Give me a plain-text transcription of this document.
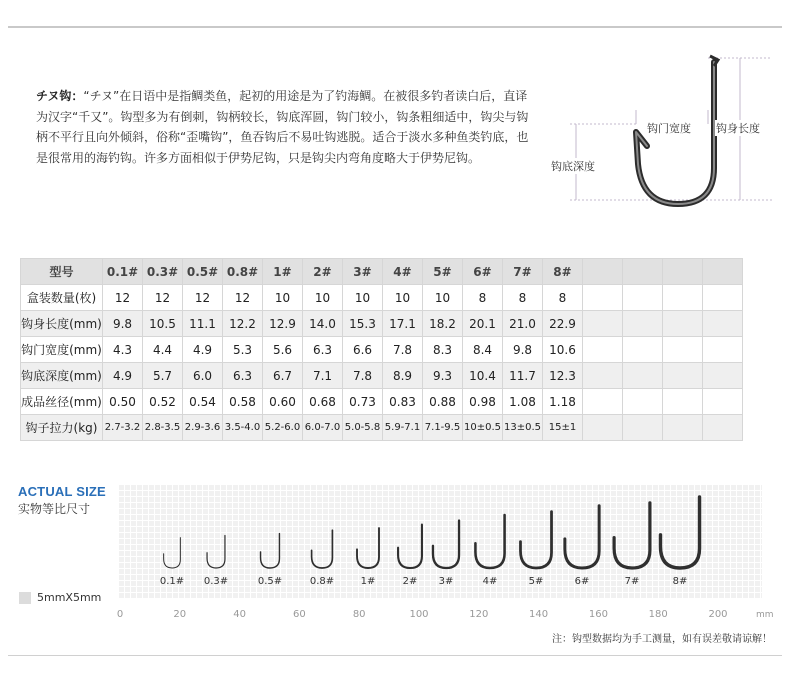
チヌ钩：“チヌ”在日语中是指鲷类鱼，起初的用途是为了钓海鲷。在被很多钓者读白后，直译为汉字“千又”。钩型多为有倒刺，钩柄较长，钩底浑圆，钩门较小，钩条粗细适中，钩尖与钩柄不平行且向外倾斜，俗称“歪嘴钩”，鱼吞钩后不易吐钩逃脱。适合于淡水多种鱼类钓底，也是很常用的海钓钩。许多方面相似于伊势尼钩，只是钩尖内弯角度略大于伊势尼钩。
钩门宽度 钩身长度
钩底深度
型号	0.1#	0.3#	0.5#	0.8#	1#	2#	3#	4#	5#	6#	7#	8#				
盒装数量(枚)	12	12	12	12	10	10	10	10	10	8	8	8				
钩身长度(mm)	9.8	10.5	11.1	12.2	12.9	14.0	15.3	17.1	18.2	20.1	21.0	22.9				
钩门宽度(mm)	4.3	4.4	4.9	5.3	5.6	6.3	6.6	7.8	8.3	8.4	9.8	10.6				
钩底深度(mm)	4.9	5.7	6.0	6.3	6.7	7.1	7.8	8.9	9.3	10.4	11.7	12.3				
成品丝径(mm)	0.50	0.52	0.54	0.58	0.60	0.68	0.73	0.83	0.88	0.98	1.08	1.18				
钩子拉力(kg)	2.7-3.2	2.8-3.5	2.9-3.6	3.5-4.0	5.2-6.0	6.0-7.0	5.0-5.8	5.9-7.1	7.1-9.5	10±0.5	13±0.5	15±1				
ACTUAL SIZE
实物等比尺寸
0.1# 0.3#	0.5#	0.8#	1#	2# 3#	4#	5#	6#	7#	8#
5mmX5mm
0	20	40	60	80	100	120	140	160	180	200	mm
注：钩型数据均为手工测量，如有误差敬请谅解！
